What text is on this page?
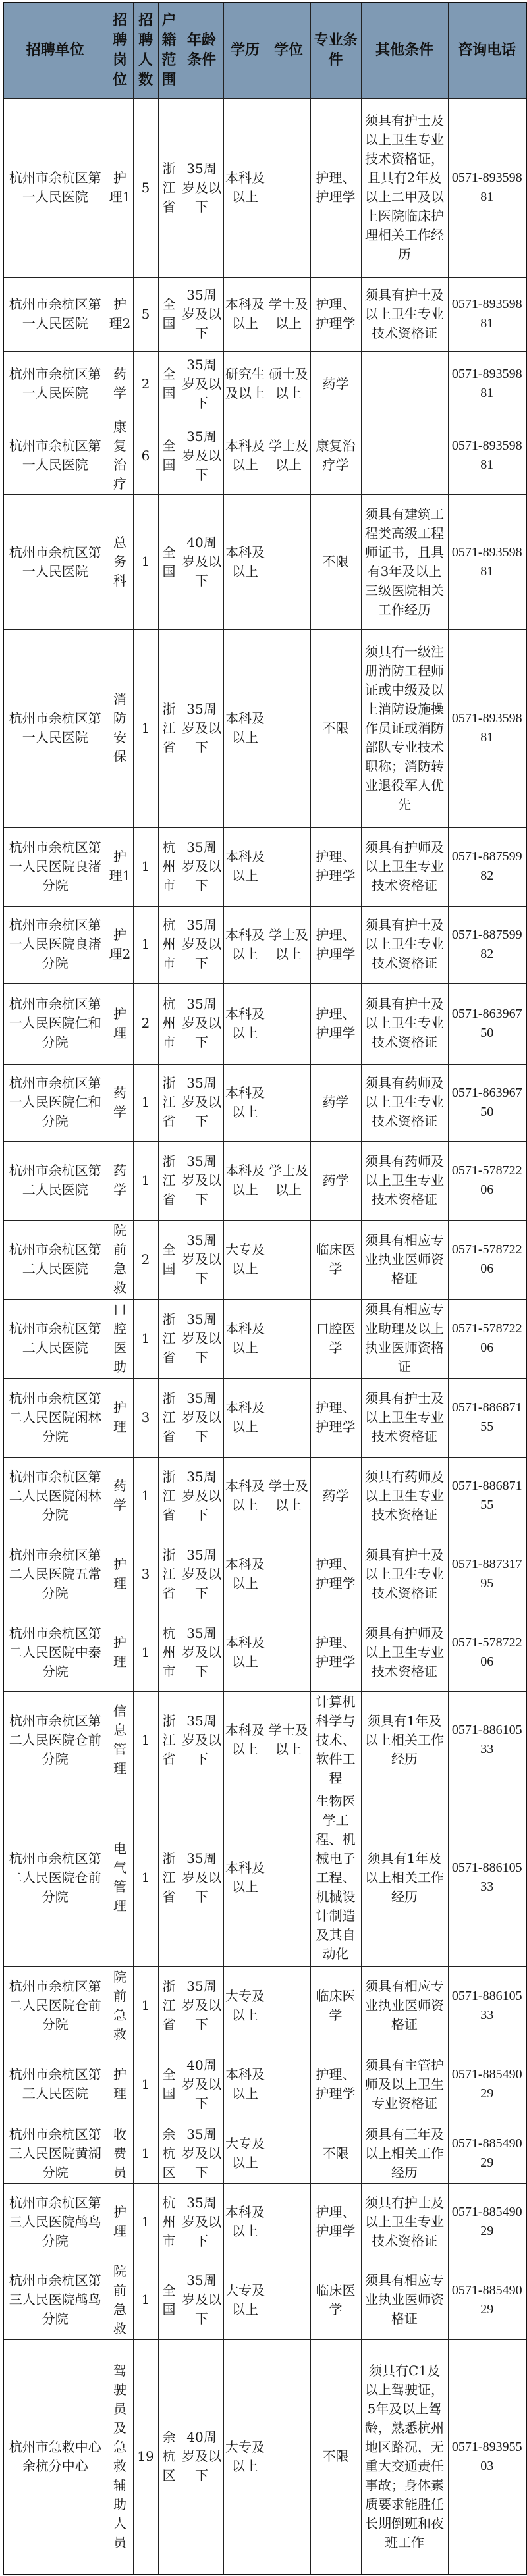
招聘单位	招聘岗位	招聘人数	户籍范围	年龄条件	学历	学位	专业条件	其他条件	咨询电话
杭州市余杭区第一人民医院	护理1	5	浙江省	35周岁及以下	本科及以上		护理、护理学	须具有护士及以上卫生专业技术资格证，且具有2年及以上二甲及以上医院临床护理相关工作经历	0571-89359881
杭州市余杭区第一人民医院	护理2	5	全国	35周岁及以下	本科及以上	学士及以上	护理、护理学	须具有护士及以上卫生专业技术资格证	0571-89359881
杭州市余杭区第一人民医院	药学	2	全国	35周岁及以下	研究生及以上	硕士及以上	药学		0571-89359881
杭州市余杭区第一人民医院	康复治疗	6	全国	35周岁及以下	本科及以上	学士及以上	康复治疗学		0571-89359881
杭州市余杭区第一人民医院	总务科	1	全国	40周岁及以下	本科及以上		不限	须具有建筑工程类高级工程师证书，且具有3年及以上三级医院相关工作经历	0571-89359881
杭州市余杭区第一人民医院	消防安保	1	浙江省	35周岁及以下	本科及以上		不限	须具有一级注册消防工程师证或中级及以上消防设施操作员证或消防部队专业技术职称；消防转业退役军人优先	0571-89359881
杭州市余杭区第一人民医院良渚分院	护理1	1	杭州市	35周岁及以下	本科及以上		护理、护理学	须具有护师及以上卫生专业技术资格证	0571-88759982
杭州市余杭区第一人民医院良渚分院	护理2	1	杭州市	35周岁及以下	本科及以上	学士及以上	护理、护理学	须具有护士及以上卫生专业技术资格证	0571-88759982
杭州市余杭区第一人民医院仁和分院	护理	2	杭州市	35周岁及以下	本科及以上		护理、护理学	须具有护士及以上卫生专业技术资格证	0571-86396750
杭州市余杭区第一人民医院仁和分院	药学	1	浙江省	35周岁及以下	本科及以上		药学	须具有药师及以上卫生专业技术资格证	0571-86396750
杭州市余杭区第二人民医院	药学	1	浙江省	35周岁及以下	本科及以上	学士及以上	药学	须具有药师及以上卫生专业技术资格证	0571-57872206
杭州市余杭区第二人民医院	院前急救	2	全国	35周岁及以下	大专及以上		临床医学	须具有相应专业执业医师资格证	0571-57872206
杭州市余杭区第二人民医院	口腔医助	1	浙江省	35周岁及以下	本科及以上		口腔医学	须具有相应专业助理及以上执业医师资格证	0571-57872206
杭州市余杭区第二人民医院闲林分院	护理	3	浙江省	35周岁及以下	本科及以上		护理、护理学	须具有护士及以上卫生专业技术资格证	0571-88687155
杭州市余杭区第二人民医院闲林分院	药学	1	浙江省	35周岁及以下	本科及以上	学士及以上	药学	须具有药师及以上卫生专业技术资格证	0571-88687155
杭州市余杭区第二人民医院五常分院	护理	3	浙江省	35周岁及以下	本科及以上		护理、护理学	须具有护士及以上卫生专业技术资格证	0571-88731795
杭州市余杭区第二人民医院中泰分院	护理	1	杭州市	35周岁及以下	本科及以上		护理、护理学	须具有护师及以上卫生专业技术资格证	0571-57872206
杭州市余杭区第二人民医院仓前分院	信息管理	1	浙江省	35周岁及以下	本科及以上	学士及以上	计算机科学与技术、软件工程	须具有1年及以上相关工作经历	0571-88610533
杭州市余杭区第二人民医院仓前分院	电气管理	1	浙江省	35周岁及以下	本科及以上		生物医学工程、机械电子工程、机械设计制造及其自动化	须具有1年及以上相关工作经历	0571-88610533
杭州市余杭区第二人民医院仓前分院	院前急救	1	浙江省	35周岁及以下	大专及以上		临床医学	须具有相应专业执业医师资格证	0571-88610533
杭州市余杭区第三人民医院	护理	1	全国	40周岁及以下	本科及以上		护理、护理学	须具有主管护师及以上卫生专业资格证	0571-88549029
杭州市余杭区第三人民医院黄湖分院	收费员	1	余杭区	35周岁及以下	大专及以上		不限	须具有三年及以上相关工作经历	0571-88549029
杭州市余杭区第三人民医院鸬鸟分院	护理	1	杭州市	35周岁及以下	本科及以上		护理、护理学	须具有护士及以上卫生专业技术资格证	0571-88549029
杭州市余杭区第三人民医院鸬鸟分院	院前急救	1	全国	35周岁及以下	大专及以上		临床医学	须具有相应专业执业医师资格证	0571-88549029
杭州市急救中心余杭分中心	驾驶员及急救辅助人员	19	余杭区	40周岁及以下	大专及以上		不限	须具有C1及以上驾驶证，5年及以上驾龄，熟悉杭州地区路况，无重大交通责任事故；身体素质要求能胜任长期倒班和夜班工作	0571-89395503
